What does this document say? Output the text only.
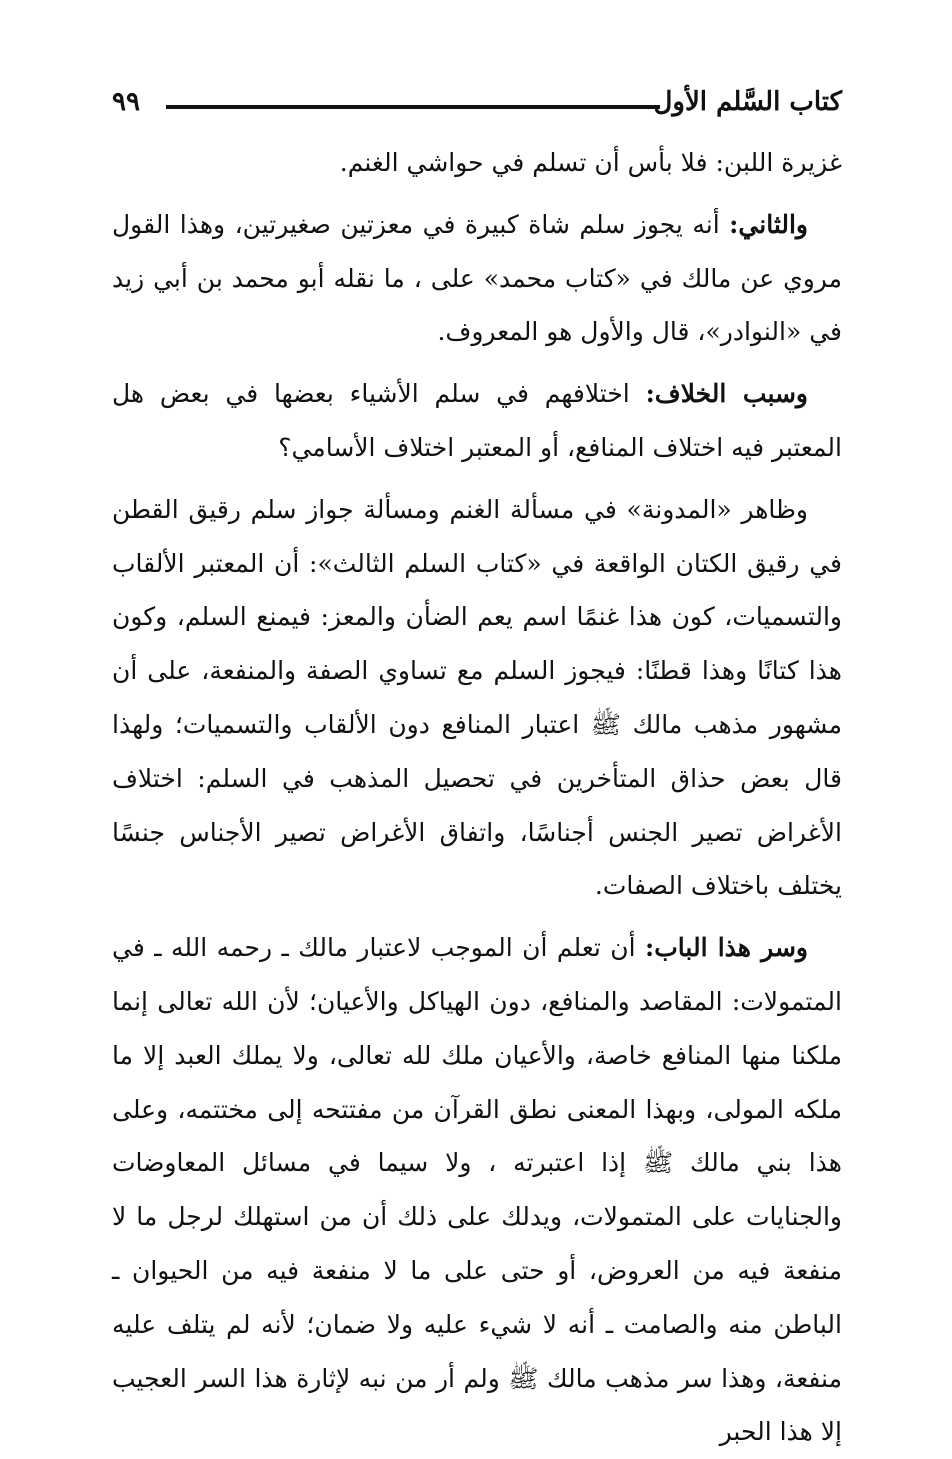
كتاب السَّلم الأول
٩٩

غزيرة اللبن: فلا بأس أن تسلم في حواشي الغنم.

والثاني: أنه يجوز سلم شاة كبيرة في معزتين صغيرتين، وهذا القول مروي عن مالك في «كتاب محمد» على ، ما نقله أبو محمد بن أبي زيد في «النوادر»، قال والأول هو المعروف.

وسبب الخلاف: اختلافهم في سلم الأشياء بعضها في بعض هل المعتبر فيه اختلاف المنافع، أو المعتبر اختلاف الأسامي؟

وظاهر «المدونة» في مسألة الغنم ومسألة جواز سلم رقيق القطن في رقيق الكتان الواقعة في «كتاب السلم الثالث»: أن المعتبر الألقاب والتسميات، كون هذا غنمًا اسم يعم الضأن والمعز: فيمنع السلم، وكون هذا كتانًا وهذا قطنًا: فيجوز السلم مع تساوي الصفة والمنفعة، على أن مشهور مذهب مالك ﷺ اعتبار المنافع دون الألقاب والتسميات؛ ولهذا قال بعض حذاق المتأخرين في تحصيل المذهب في السلم: اختلاف الأغراض تصير الجنس أجناسًا، واتفاق الأغراض تصير الأجناس جنسًا يختلف باختلاف الصفات.

وسر هذا الباب: أن تعلم أن الموجب لاعتبار مالك ـ رحمه الله ـ في المتمولات: المقاصد والمنافع، دون الهياكل والأعيان؛ لأن الله تعالى إنما ملكنا منها المنافع خاصة، والأعيان ملك لله تعالى، ولا يملك العبد إلا ما ملكه المولى، وبهذا المعنى نطق القرآن من مفتتحه إلى مختتمه، وعلى هذا بني مالك ﷺ إذا اعتبرته ، ولا سيما في مسائل المعاوضات والجنايات على المتمولات، ويدلك على ذلك أن من استهلك لرجل ما لا منفعة فيه من العروض، أو حتى على ما لا منفعة فيه من الحيوان ـ الباطن منه والصامت ـ أنه لا شيء عليه ولا ضمان؛ لأنه لم يتلف عليه منفعة، وهذا سر مذهب مالك ﷺ ولم أر من نبه لإثارة هذا السر العجيب إلا هذا الحبر
